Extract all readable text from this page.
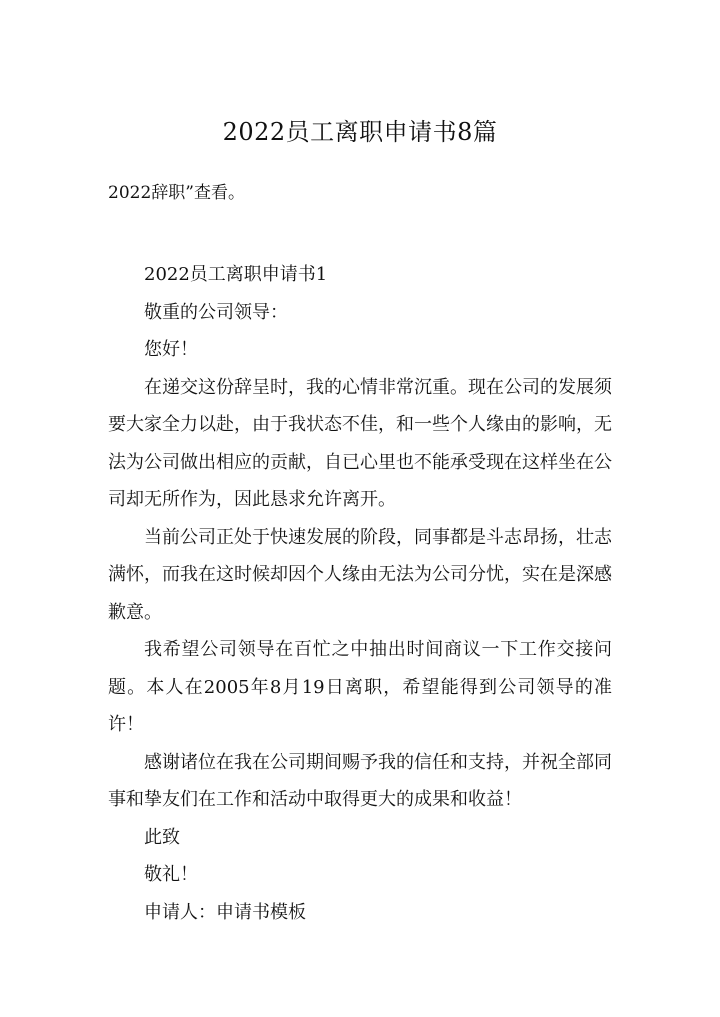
2022员工离职申请书8篇

2022辞职”查看。

2022员工离职申请书1

敬重的公司领导：

您好！

在递交这份辞呈时，我的心情非常沉重。现在公司的发展须要大家全力以赴，由于我状态不佳，和一些个人缘由的影响，无法为公司做出相应的贡献，自已心里也不能承受现在这样坐在公司却无所作为，因此恳求允许离开。

当前公司正处于快速发展的阶段，同事都是斗志昂扬，壮志满怀，而我在这时候却因个人缘由无法为公司分忧，实在是深感歉意。

我希望公司领导在百忙之中抽出时间商议一下工作交接问题。本人在2005年8月19日离职，希望能得到公司领导的准许！

感谢诸位在我在公司期间赐予我的信任和支持，并祝全部同事和挚友们在工作和活动中取得更大的成果和收益！

此致

敬礼！

申请人：申请书模板
